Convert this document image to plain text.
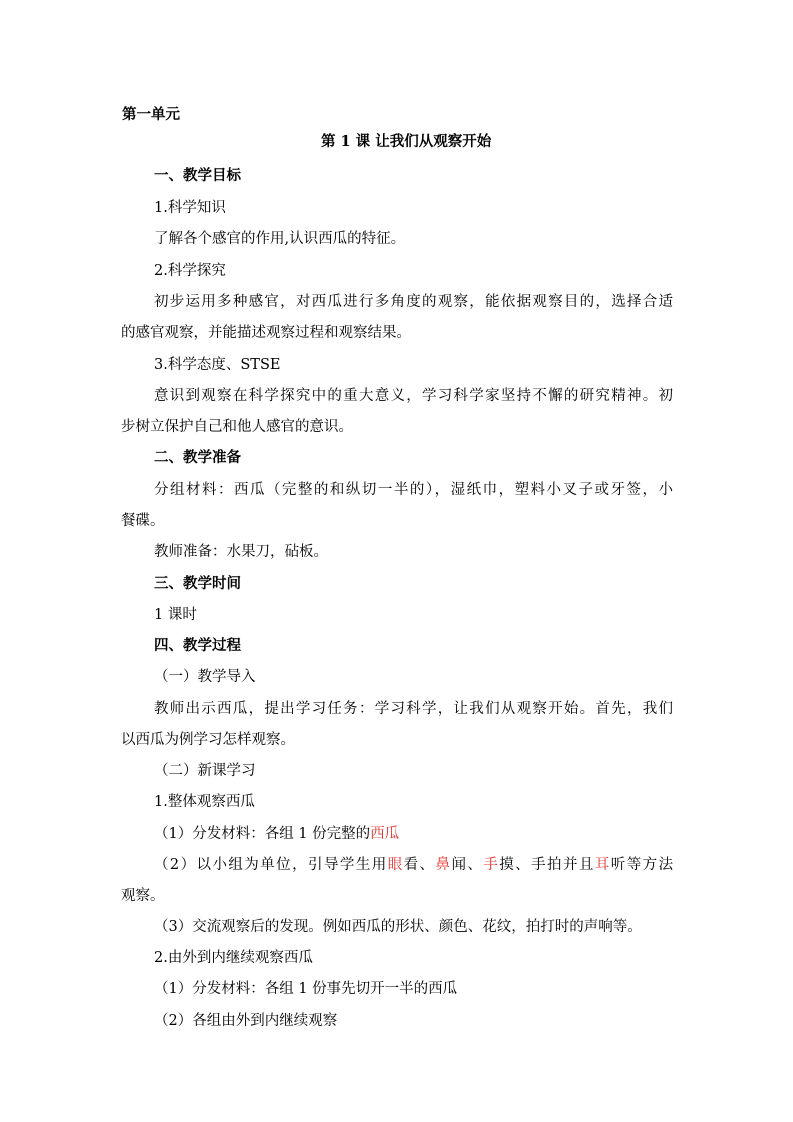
第一单元
第 1 课 让我们从观察开始
一、教学目标
1.科学知识
了解各个感官的作用,认识西瓜的特征。
2.科学探究
初步运用多种感官，对西瓜进行多角度的观察，能依据观察目的，选择合适
的感官观察，并能描述观察过程和观察结果。
3.科学态度、STSE
意识到观察在科学探究中的重大意义，学习科学家坚持不懈的研究精神。初
步树立保护自己和他人感官的意识。
二、教学准备
分组材料：西瓜（完整的和纵切一半的），湿纸巾，塑料小叉子或牙签，小
餐碟。
教师准备：水果刀，砧板。
三、教学时间
1 课时
四、教学过程
（一）教学导入
教师出示西瓜，提出学习任务：学习科学，让我们从观察开始。首先，我们
以西瓜为例学习怎样观察。
（二）新课学习
1.整体观察西瓜
（1）分发材料：各组 1 份完整的西瓜
（2）以小组为单位，引导学生用眼看、鼻闻、手摸、手拍并且耳听等方法
观察。
（3）交流观察后的发现。例如西瓜的形状、颜色、花纹，拍打时的声响等。
2.由外到内继续观察西瓜
（1）分发材料：各组 1 份事先切开一半的西瓜
（2）各组由外到内继续观察
